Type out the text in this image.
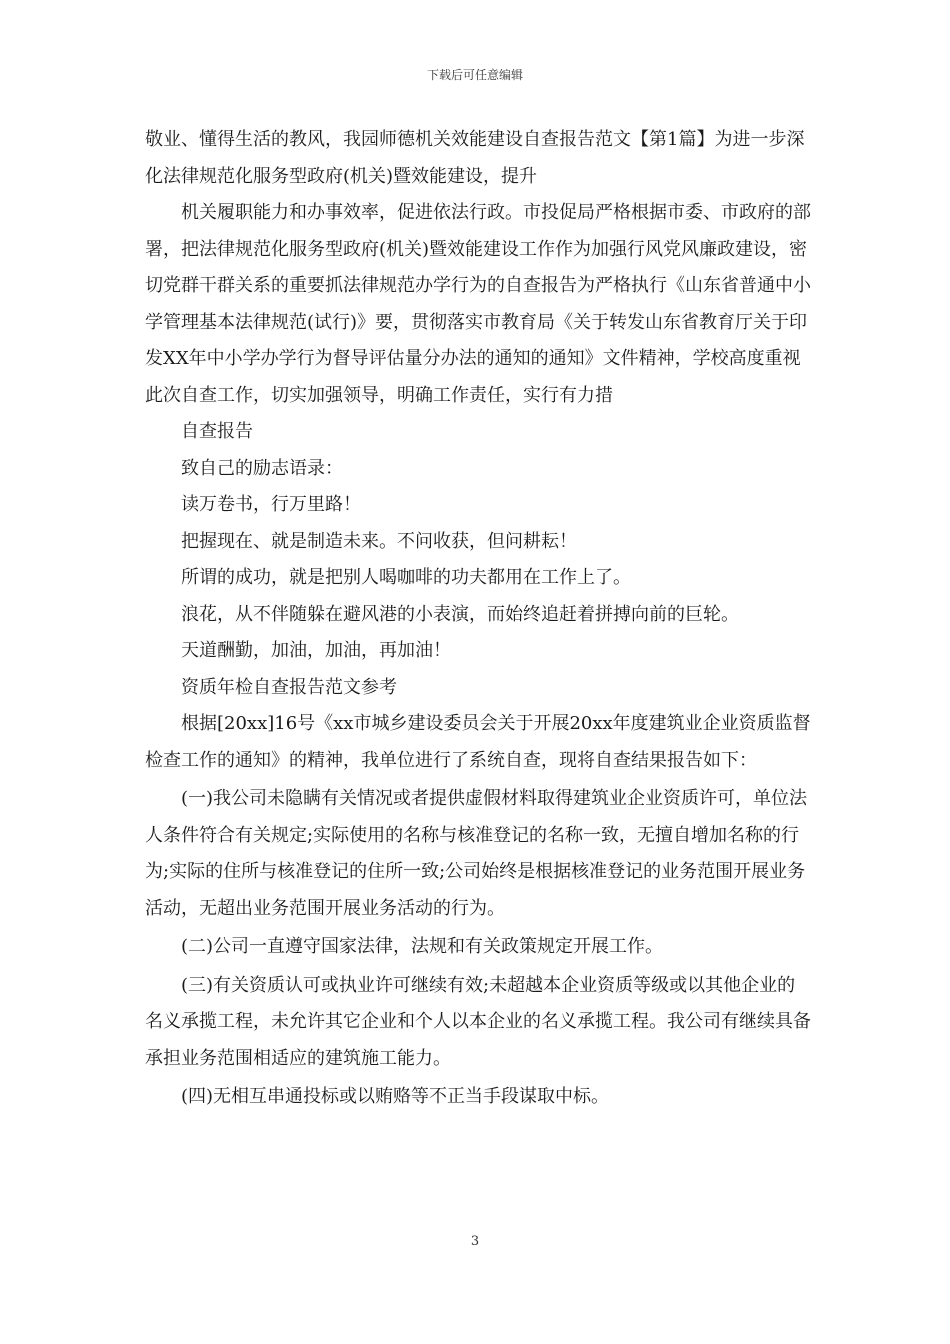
下载后可任意编辑

敬业、懂得生活的教风，我园师德机关效能建设自查报告范文【第1篇】为进一步深化法律规范化服务型政府(机关)暨效能建设，提升

机关履职能力和办事效率，促进依法行政。市投促局严格根据市委、市政府的部署，把法律规范化服务型政府(机关)暨效能建设工作作为加强行风党风廉政建设，密切党群干群关系的重要抓法律规范办学行为的自查报告为严格执行《山东省普通中小学管理基本法律规范(试行)》要，贯彻落实市教育局《关于转发山东省教育厅关于印发XX年中小学办学行为督导评估量分办法的通知的通知》文件精神，学校高度重视此次自查工作，切实加强领导，明确工作责任，实行有力措

自查报告

致自己的励志语录：

读万卷书，行万里路！

把握现在、就是制造未来。不问收获，但问耕耘！

所谓的成功，就是把别人喝咖啡的功夫都用在工作上了。

浪花，从不伴随躲在避风港的小表演，而始终追赶着拼搏向前的巨轮。

天道酬勤，加油，加油，再加油！

资质年检自查报告范文参考

根据[20xx]16号《xx市城乡建设委员会关于开展20xx年度建筑业企业资质监督检查工作的通知》的精神，我单位进行了系统自查，现将自查结果报告如下：

(一)我公司未隐瞒有关情况或者提供虚假材料取得建筑业企业资质许可，单位法人条件符合有关规定;实际使用的名称与核准登记的名称一致，无擅自增加名称的行为;实际的住所与核准登记的住所一致;公司始终是根据核准登记的业务范围开展业务活动，无超出业务范围开展业务活动的行为。

(二)公司一直遵守国家法律，法规和有关政策规定开展工作。

(三)有关资质认可或执业许可继续有效;未超越本企业资质等级或以其他企业的名义承揽工程，未允许其它企业和个人以本企业的名义承揽工程。我公司有继续具备承担业务范围相适应的建筑施工能力。

(四)无相互串通投标或以贿赂等不正当手段谋取中标。

3
